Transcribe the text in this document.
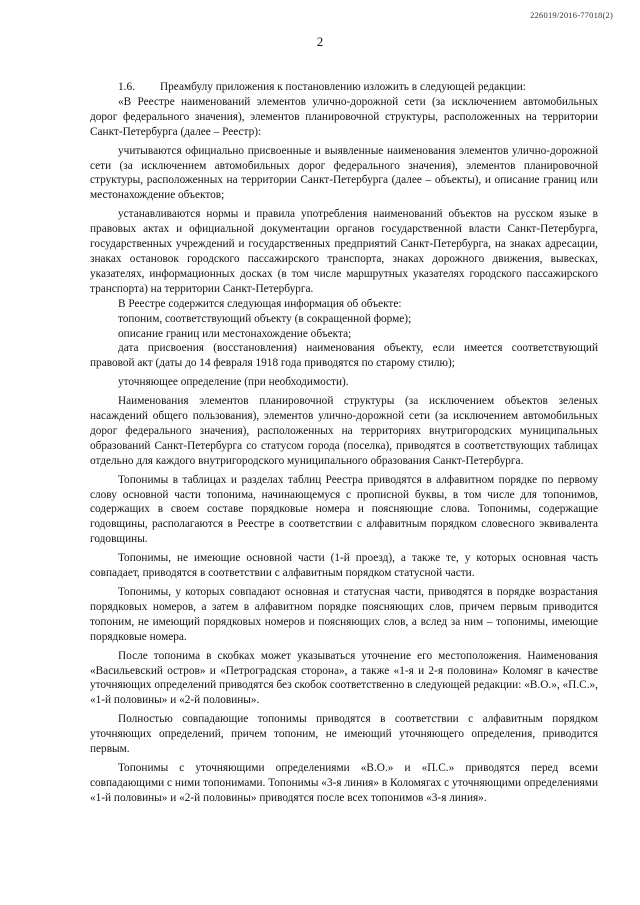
226019/2016-77018(2)
2

1.6. Преамбулу приложения к постановлению изложить в следующей редакции:

«В Реестре наименований элементов улично-дорожной сети (за исключением автомобильных дорог федерального значения), элементов планировочной структуры, расположенных на территории Санкт-Петербурга (далее – Реестр):

учитываются официально присвоенные и выявленные наименования элементов улично-дорожной сети (за исключением автомобильных дорог федерального значения), элементов планировочной структуры, расположенных на территории Санкт-Петербурга (далее – объекты), и описание границ или местонахождение объектов;

устанавливаются нормы и правила употребления наименований объектов на русском языке в правовых актах и официальной документации органов государственной власти Санкт-Петербурга, государственных учреждений и государственных предприятий Санкт-Петербурга, на знаках адресации, знаках остановок городского пассажирского транспорта, знаках дорожного движения, вывесках, указателях, информационных досках (в том числе маршрутных указателях городского пассажирского транспорта) на территории Санкт-Петербурга.

В Реестре содержится следующая информация об объекте:

топоним, соответствующий объекту (в сокращенной форме);

описание границ или местонахождение объекта;

дата присвоения (восстановления) наименования объекту, если имеется соответствующий правовой акт (даты до 14 февраля 1918 года приводятся по старому стилю);

уточняющее определение (при необходимости).

Наименования элементов планировочной структуры (за исключением объектов зеленых насаждений общего пользования), элементов улично-дорожной сети (за исключением автомобильных дорог федерального значения), расположенных на территориях внутригородских муниципальных образований Санкт-Петербурга со статусом города (поселка), приводятся в соответствующих таблицах отдельно для каждого внутригородского муниципального образования Санкт-Петербурга.

Топонимы в таблицах и разделах таблиц Реестра приводятся в алфавитном порядке по первому слову основной части топонима, начинающемуся с прописной буквы, в том числе для топонимов, содержащих в своем составе порядковые номера и поясняющие слова. Топонимы, содержащие годовщины, располагаются в Реестре в соответствии с алфавитным порядком словесного эквивалента годовщины.

Топонимы, не имеющие основной части (1-й проезд), а также те, у которых основная часть совпадает, приводятся в соответствии с алфавитным порядком статусной части.

Топонимы, у которых совпадают основная и статусная части, приводятся в порядке возрастания порядковых номеров, а затем в алфавитном порядке поясняющих слов, причем первым приводится топоним, не имеющий порядковых номеров и поясняющих слов, а вслед за ним – топонимы, имеющие порядковые номера.

После топонима в скобках может указываться уточнение его местоположения. Наименования «Васильевский остров» и «Петроградская сторона», а также «1-я и 2-я половина» Коломяг в качестве уточняющих определений приводятся без скобок соответственно в следующей редакции: «В.О.», «П.С.», «1-й половины» и «2-й половины».

Полностью совпадающие топонимы приводятся в соответствии с алфавитным порядком уточняющих определений, причем топоним, не имеющий уточняющего определения, приводится первым.

Топонимы с уточняющими определениями «В.О.» и «П.С.» приводятся перед всеми совпадающими с ними топонимами. Топонимы «3-я линия» в Коломягах с уточняющими определениями «1-й половины» и «2-й половины» приводятся после всех топонимов «3-я линия».
